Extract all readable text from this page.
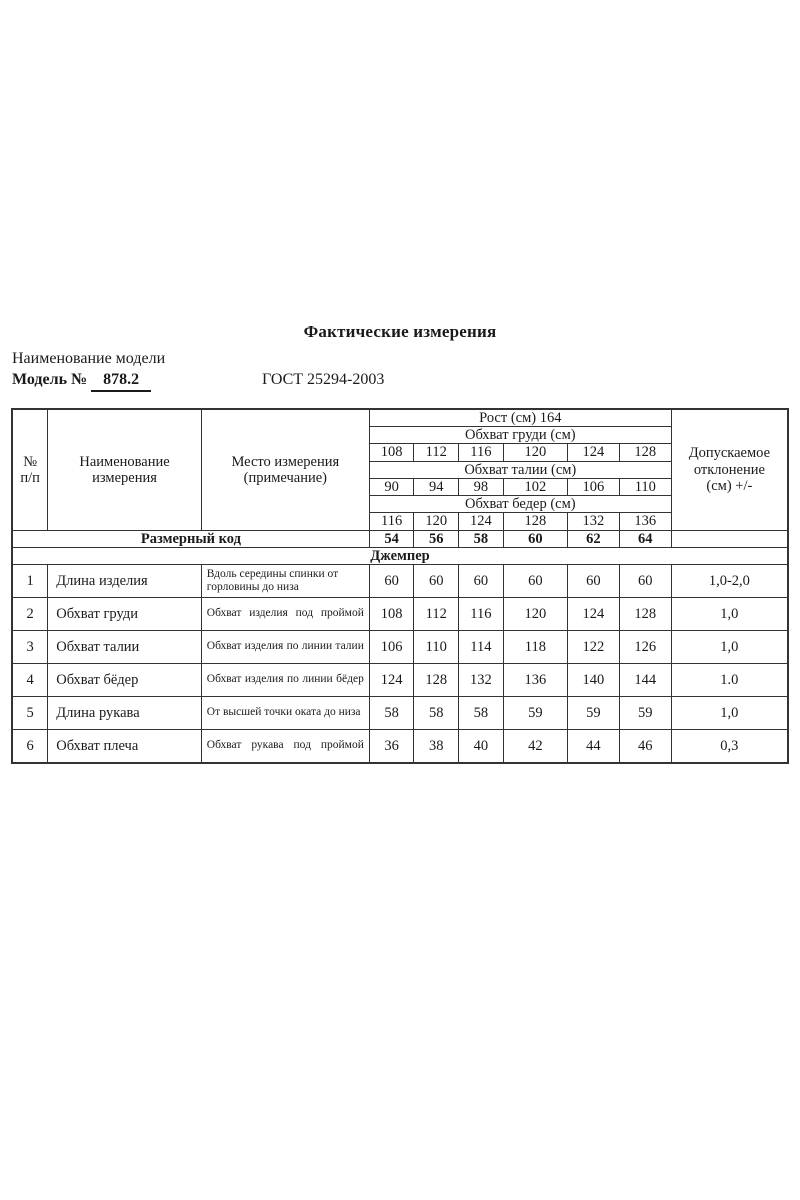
Фактические измерения
Наименование модели
Модель № 878.2	ГОСТ 25294-2003
№
п/п

Наименование
измерения

Место измерения
(примечание)
	Рост (см) 164	
Допускаемое
отклонение
(см) +/-

			Обхват груди (см)						
			108	112	116	120	124	128	
			Обхват талии (см)						
			90	94	98	102	106	110	
			Обхват бедер (см)						
			116	120	124	128	132	136	
Размерный код			54	56	58	60	62	64	
Джемпер									
1	Длина изделия	Вдоль середины спинки от горловины до низа	60	60	60	60	60	60	1,0-2,0
2	Обхват груди	Обхват изделия под проймой	108	112	116	120	124	128	1,0
3	Обхват талии	Обхват изделия по линии талии	106	110	114	118	122	126	1,0
4	Обхват бёдер	Обхват изделия по линии бёдер	124	128	132	136	140	144	1.0
5	Длина рукава	От высшей точки оката до низа	58	58	58	59	59	59	1,0
6	Обхват плеча	Обхват рукава под проймой	36	38	40	42	44	46	0,3
